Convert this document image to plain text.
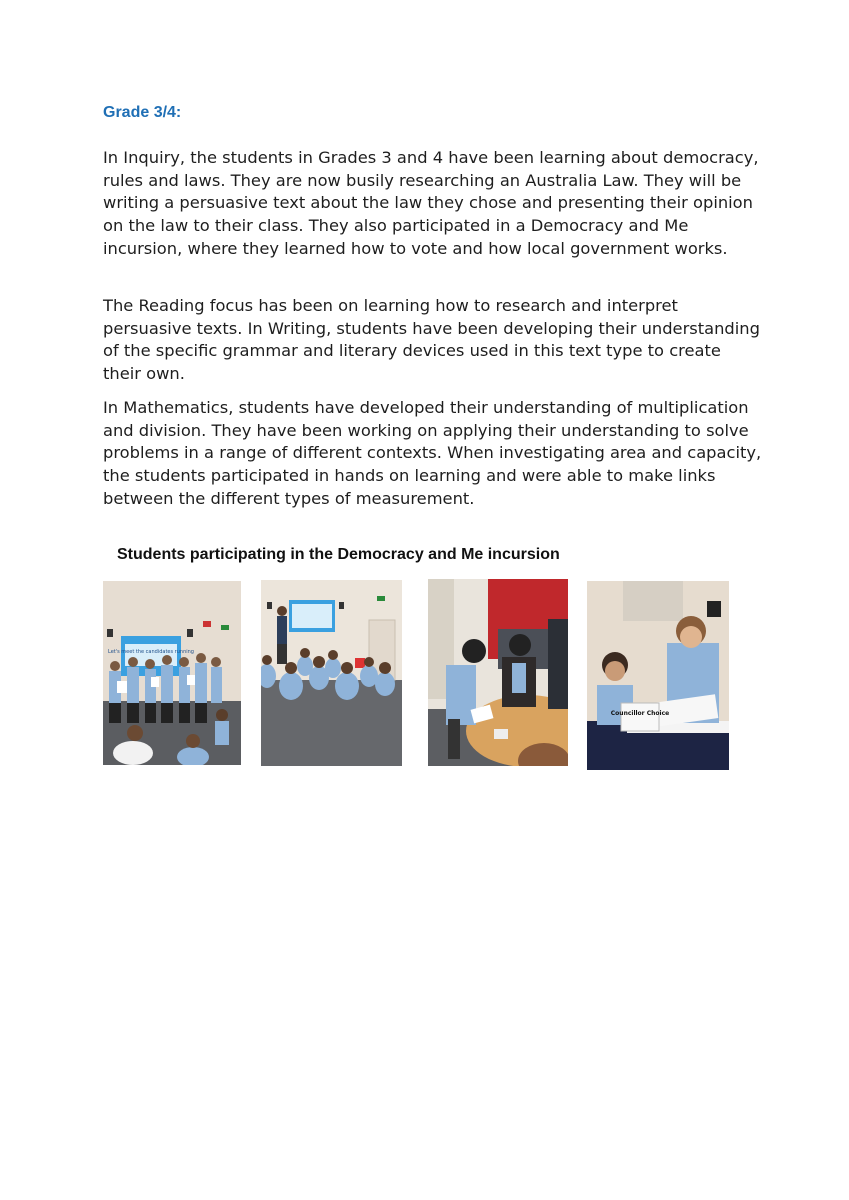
Grade 3/4:

In Inquiry, the students in Grades 3 and 4 have been learning about democracy, rules and laws. They are now busily researching an Australia Law. They will be writing a persuasive text about the law they chose and presenting their opinion on the law to their class. They also participated in a Democracy and Me incursion, where they learned how to vote and how local government works.

The Reading focus has been on learning how to research and interpret persuasive texts. In Writing, students have been developing their understanding of the specific grammar and literary devices used in this text type to create their own.

In Mathematics, students have developed their understanding of multiplication and division. They have been working on applying their understanding to solve problems in a range of different contexts. When investigating area and capacity, the students participated in hands on learning and were able to make links between the different types of measurement.

Students participating in the Democracy and Me incursion
Let's meet the candidates running
Councillor Choice
